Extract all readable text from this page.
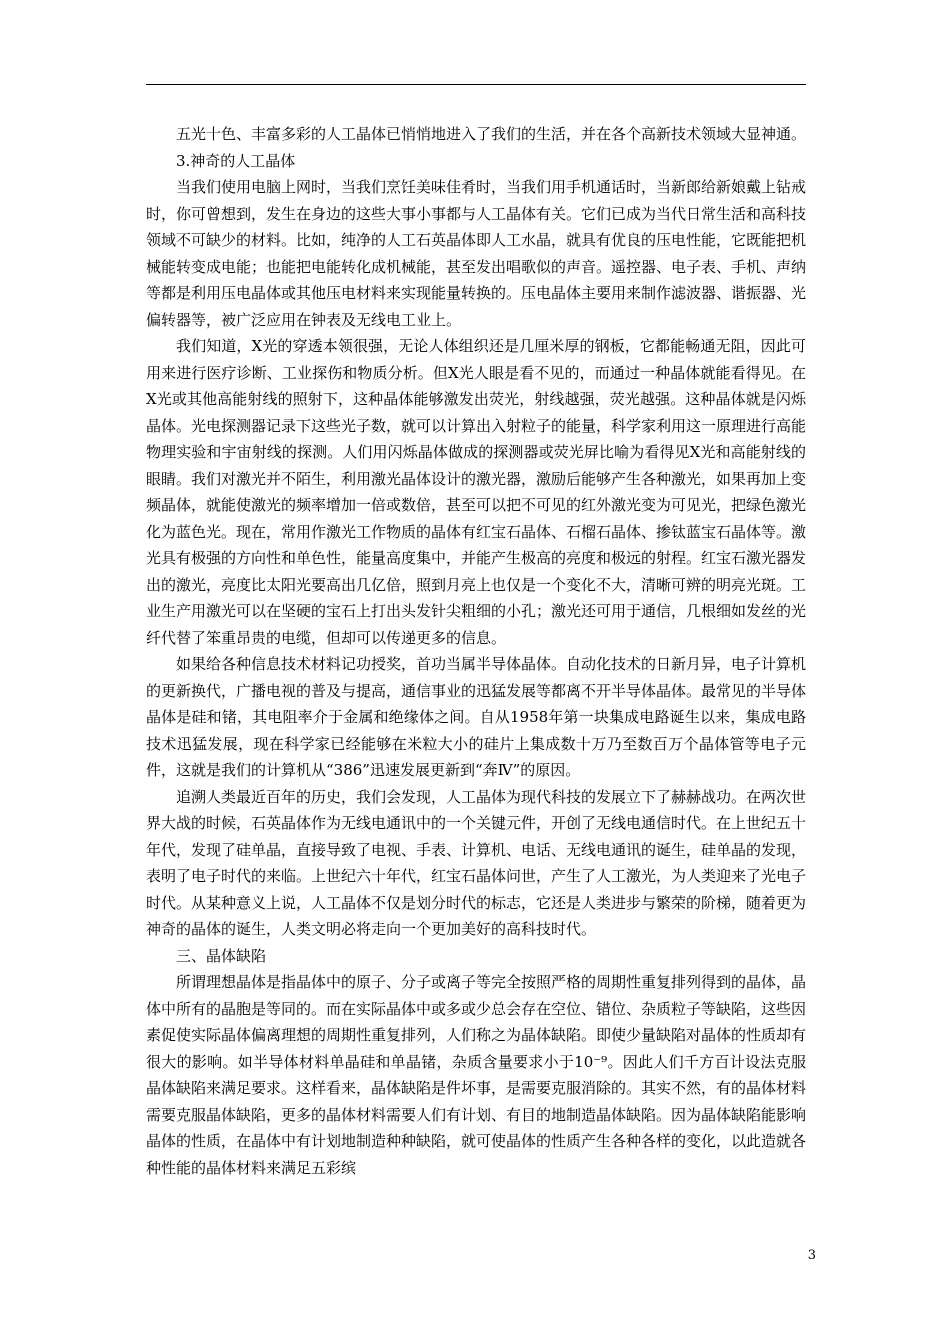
五光十色、丰富多彩的人工晶体已悄悄地进入了我们的生活，并在各个高新技术领域大显神通。

3.神奇的人工晶体

当我们使用电脑上网时，当我们烹饪美味佳肴时，当我们用手机通话时，当新郎给新娘戴上钻戒时，你可曾想到，发生在身边的这些大事小事都与人工晶体有关。它们已成为当代日常生活和高科技领域不可缺少的材料。比如，纯净的人工石英晶体即人工水晶，就具有优良的压电性能，它既能把机械能转变成电能；也能把电能转化成机械能，甚至发出唱歌似的声音。遥控器、电子表、手机、声纳等都是利用压电晶体或其他压电材料来实现能量转换的。压电晶体主要用来制作滤波器、谐振器、光偏转器等，被广泛应用在钟表及无线电工业上。

我们知道，X光的穿透本领很强，无论人体组织还是几厘米厚的钢板，它都能畅通无阻，因此可用来进行医疗诊断、工业探伤和物质分析。但X光人眼是看不见的，而通过一种晶体就能看得见。在X光或其他高能射线的照射下，这种晶体能够激发出荧光，射线越强，荧光越强。这种晶体就是闪烁晶体。光电探测器记录下这些光子数，就可以计算出入射粒子的能量，科学家利用这一原理进行高能物理实验和宇宙射线的探测。人们用闪烁晶体做成的探测器或荧光屏比喻为看得见X光和高能射线的眼睛。我们对激光并不陌生，利用激光晶体设计的激光器，激励后能够产生各种激光，如果再加上变频晶体，就能使激光的频率增加一倍或数倍，甚至可以把不可见的红外激光变为可见光，把绿色激光化为蓝色光。现在，常用作激光工作物质的晶体有红宝石晶体、石榴石晶体、掺钛蓝宝石晶体等。激光具有极强的方向性和单色性，能量高度集中，并能产生极高的亮度和极远的射程。红宝石激光器发出的激光，亮度比太阳光要高出几亿倍，照到月亮上也仅是一个变化不大，清晰可辨的明亮光斑。工业生产用激光可以在坚硬的宝石上打出头发针尖粗细的小孔；激光还可用于通信，几根细如发丝的光纤代替了笨重昂贵的电缆，但却可以传递更多的信息。

如果给各种信息技术材料记功授奖，首功当属半导体晶体。自动化技术的日新月异，电子计算机的更新换代，广播电视的普及与提高，通信事业的迅猛发展等都离不开半导体晶体。最常见的半导体晶体是硅和锗，其电阻率介于金属和绝缘体之间。自从1958年第一块集成电路诞生以来，集成电路技术迅猛发展，现在科学家已经能够在米粒大小的硅片上集成数十万乃至数百万个晶体管等电子元件，这就是我们的计算机从“386”迅速发展更新到“奔Ⅳ”的原因。

追溯人类最近百年的历史，我们会发现，人工晶体为现代科技的发展立下了赫赫战功。在两次世界大战的时候，石英晶体作为无线电通讯中的一个关键元件，开创了无线电通信时代。在上世纪五十年代，发现了硅单晶，直接导致了电视、手表、计算机、电话、无线电通讯的诞生，硅单晶的发现，表明了电子时代的来临。上世纪六十年代，红宝石晶体问世，产生了人工激光，为人类迎来了光电子时代。从某种意义上说，人工晶体不仅是划分时代的标志，它还是人类进步与繁荣的阶梯，随着更为神奇的晶体的诞生，人类文明必将走向一个更加美好的高科技时代。

三、晶体缺陷

所谓理想晶体是指晶体中的原子、分子或离子等完全按照严格的周期性重复排列得到的晶体，晶体中所有的晶胞是等同的。而在实际晶体中或多或少总会存在空位、错位、杂质粒子等缺陷，这些因素促使实际晶体偏离理想的周期性重复排列，人们称之为晶体缺陷。即使少量缺陷对晶体的性质却有很大的影响。如半导体材料单晶硅和单晶锗，杂质含量要求小于10⁻⁹。因此人们千方百计设法克服晶体缺陷来满足要求。这样看来，晶体缺陷是件坏事，是需要克服消除的。其实不然，有的晶体材料需要克服晶体缺陷，更多的晶体材料需要人们有计划、有目的地制造晶体缺陷。因为晶体缺陷能影响晶体的性质，在晶体中有计划地制造种种缺陷，就可使晶体的性质产生各种各样的变化，以此造就各种性能的晶体材料来满足五彩缤

3
